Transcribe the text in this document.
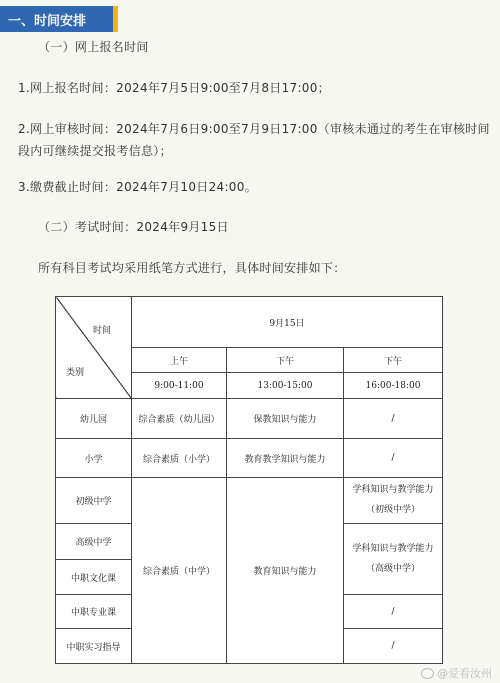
一、时间安排
（一）网上报名时间
1.网上报名时间：2024年7月5日9:00至7月8日17:00；
2.网上审核时间：2024年7月6日9:00至7月9日17:00（审核未通过的考生在审核时间段内可继续提交报考信息）；
3.缴费截止时间：2024年7月10日24:00。
（二）考试时间：2024年9月15日
所有科目考试均采用纸笔方式进行，具体时间安排如下：
时间
类别	9月15日		
	上午	下午	下午
	9:00-11:00	13:00-15:00	16:00-18:00
幼儿园	综合素质（幼儿园）	保教知识与能力	/
小学	综合素质（小学）	教育教学知识与能力	/
初级中学	综合素质（中学）	教育知识与能力	学科知识与教学能力（初级中学）
高级中学			学科知识与教学能力（高级中学）
中职文化课			
中职专业课			/
中职实习指导			/
@爱看汝州
